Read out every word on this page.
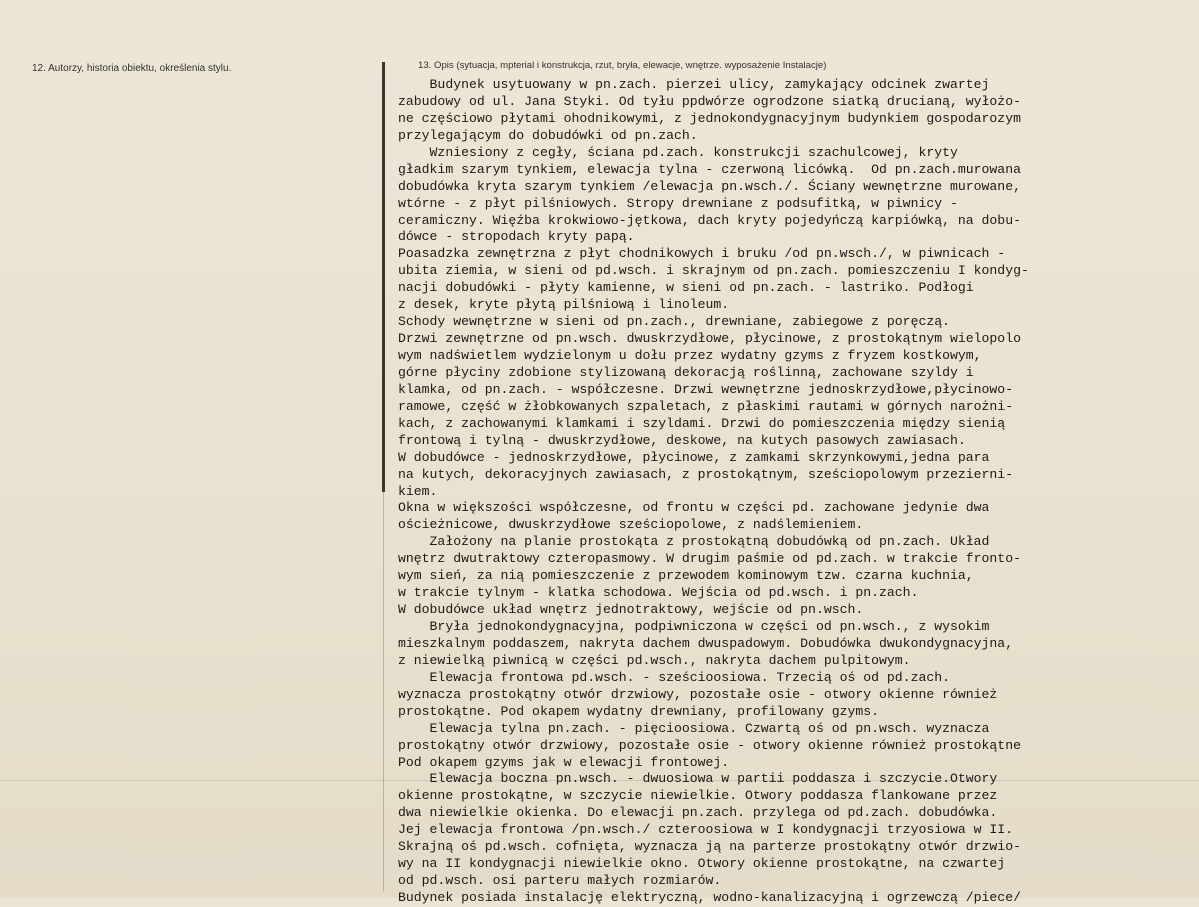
12. Autorzy, historia obiektu, określenia stylu.	13. Opis (sytuacja, mpterial i konstrukcja, rzut, bryła, elewacje, wnętrze. wyposażenie Instalacje)
Budynek usytuowany w pn.zach. pierzei ulicy, zamykający odcinek zwartej
zabudowy od ul. Jana Styki. Od tyłu ppdwórze ogrodzone siatką drucianą, wyłożo-
ne częściowo płytami ohodnikowymi, z jednokondygnacyjnym budynkiem gospodarozym
przylegającym do dobudówki od pn.zach.
Wzniesiony z cegły, ściana pd.zach. konstrukcji szachulcowej, kryty
gładkim szarym tynkiem, elewacja tylna - czerwoną licówką.  Od pn.zach.murowana
dobudówka kryta szarym tynkiem /elewacja pn.wsch./. Ściany wewnętrzne murowane,
wtórne - z płyt pilśniowych. Stropy drewniane z podsufitką, w piwnicy -
ceramiczny. Więźba krokwiowo-jętkowa, dach kryty pojedyńczą karpiówką, na dobu-
dówce - stropodach kryty papą.
Poasadzka zewnętrzna z płyt chodnikowych i bruku /od pn.wsch./, w piwnicach -
ubita ziemia, w sieni od pd.wsch. i skrajnym od pn.zach. pomieszczeniu I kondyg-
nacji dobudówki - płyty kamienne, w sieni od pn.zach. - lastriko. Podłogi
z desek, kryte płytą pilśniową i linoleum.
Schody wewnętrzne w sieni od pn.zach., drewniane, zabiegowe z poręczą.
Drzwi zewnętrzne od pn.wsch. dwuskrzydłowe, płycinowe, z prostokątnym wielopolo
wym nadświetlem wydzielonym u dołu przez wydatny gzyms z fryzem kostkowym,
górne płyciny zdobione stylizowaną dekoracją roślinną, zachowane szyldy i
klamka, od pn.zach. - współczesne. Drzwi wewnętrzne jednoskrzydłowe,płycinowo-
ramowe, część w żłobkowanych szpaletach, z płaskimi rautami w górnych narożni-
kach, z zachowanymi klamkami i szyldami. Drzwi do pomieszczenia między sienią
frontową i tylną - dwuskrzydłowe, deskowe, na kutych pasowych zawiasach.
W dobudówce - jednoskrzydłowe, płycinowe, z zamkami skrzynkowymi,jedna para
na kutych, dekoracyjnych zawiasach, z prostokątnym, sześciopolowym przezierni-
kiem.
Okna w większości współczesne, od frontu w części pd. zachowane jedynie dwa
ościeżnicowe, dwuskrzydłowe sześciopolowe, z nadślemieniem.
Założony na planie prostokąta z prostokątną dobudówką od pn.zach. Układ
wnętrz dwutraktowy czteropasmowy. W drugim paśmie od pd.zach. w trakcie fronto-
wym sień, za nią pomieszczenie z przewodem kominowym tzw. czarna kuchnia,
w trakcie tylnym - klatka schodowa. Wejścia od pd.wsch. i pn.zach.
W dobudówce układ wnętrz jednotraktowy, wejście od pn.wsch.
Bryła jednokondygnacyjna, podpiwniczona w części od pn.wsch., z wysokim
mieszkalnym poddaszem, nakryta dachem dwuspadowym. Dobudówka dwukondygnacyjna,
z niewielką piwnicą w części pd.wsch., nakryta dachem pulpitowym.
Elewacja frontowa pd.wsch. - sześcioosiowa. Trzecią oś od pd.zach.
wyznacza prostokątny otwór drzwiowy, pozostałe osie - otwory okienne również
prostokątne. Pod okapem wydatny drewniany, profilowany gzyms.
Elewacja tylna pn.zach. - pięcioosiowa. Czwartą oś od pn.wsch. wyznacza
prostokątny otwór drzwiowy, pozostałe osie - otwory okienne również prostokątne
Pod okapem gzyms jak w elewacji frontowej.
Elewacja boczna pn.wsch. - dwuosiowa w partii poddasza i szczycie.Otwory
okienne prostokątne, w szczycie niewielkie. Otwory poddasza flankowane przez
dwa niewielkie okienka. Do elewacji pn.zach. przylega od pd.zach. dobudówka.
Jej elewacja frontowa /pn.wsch./ czteroosiowa w I kondygnacji trzyosiowa w II.
Skrajną oś pd.wsch. cofnięta, wyznacza ją na parterze prostokątny otwór drzwio-
wy na II kondygnacji niewielkie okno. Otwory okienne prostokątne, na czwartej
od pd.wsch. osi parteru małych rozmiarów.
Budynek posiada instalację elektryczną, wodno-kanalizacyjną i ogrzewczą /piece/
